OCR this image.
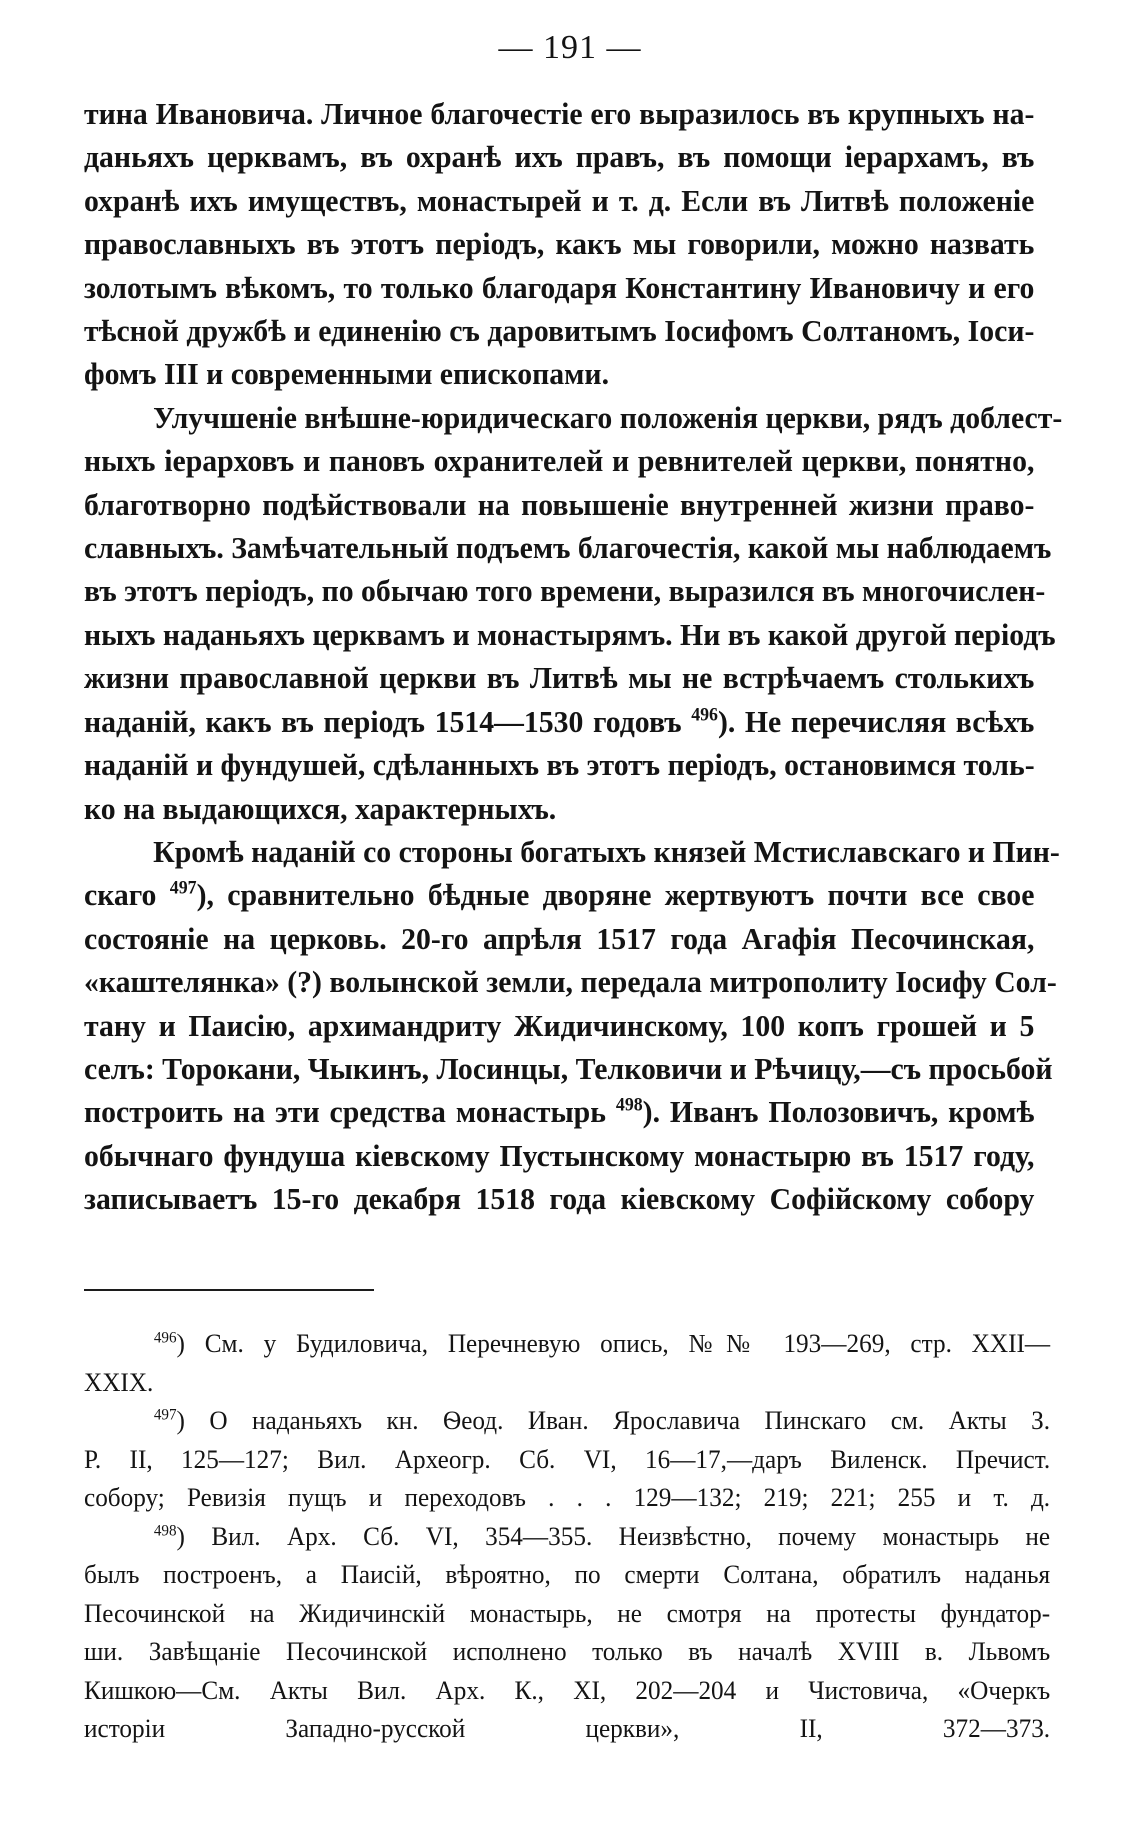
— 191 —
тина Ивановича. Личное благочестіе его выразилось въ крупныхъ на-
даньяхъ церквамъ, въ охранѣ ихъ правъ, въ помощи іерархамъ, въ
охранѣ ихъ имуществъ, монастырей и т. д. Если въ Литвѣ положеніе
православныхъ въ этотъ періодъ, какъ мы говорили, можно назвать
золотымъ вѣкомъ, то только благодаря Константину Ивановичу и его
тѣсной дружбѣ и единенію съ даровитымъ Іосифомъ Солтаномъ, Іоси-
фомъ III и современными епископами.
Улучшеніе внѣшне-юридическаго положенія церкви, рядъ доблест-
ныхъ іерарховъ и пановъ охранителей и ревнителей церкви, понятно,
благотворно подѣйствовали на повышеніе внутренней жизни право-
славныхъ. Замѣчательный подъемъ благочестія, какой мы наблюдаемъ
въ этотъ періодъ, по обычаю того времени, выразился въ многочислен-
ныхъ наданьяхъ церквамъ и монастырямъ. Ни въ какой другой періодъ
жизни православной церкви въ Литвѣ мы не встрѣчаемъ столькихъ
наданій, какъ въ періодъ 1514—1530 годовъ $^{496}$). Не перечисляя всѣхъ
наданій и фундушей, сдѣланныхъ въ этотъ періодъ, остановимся толь-
ко на выдающихся, характерныхъ.
Кромѣ наданій со стороны богатыхъ князей Мстиславскаго и Пин-
скаго $^{497}$), сравнительно бѣдные дворяне жертвуютъ почти все свое
состояніе на церковь. 20-го апрѣля 1517 года Агафія Песочинская,
«каштелянка» (?) волынской земли, передала митрополиту Іосифу Сол-
тану и Паисію, архимандриту Жидичинскому, 100 копъ грошей и 5
селъ: Торокани, Чыкинъ, Лосинцы, Телковичи и Рѣчицу,—съ просьбой
построить на эти средства монастырь $^{498}$). Иванъ Полозовичъ, кромѣ
обычнаго фундуша кіевскому Пустынскому монастырю въ 1517 году,
записываетъ 15-го декабря 1518 года кіевскому Софійскому собору
$^{496}$) См. у Будиловича, Перечневую опись, №№ 193—269, стр. XXII—
XXIX.
$^{497}$) О наданьяхъ кн. Ѳеод. Иван. Ярославича Пинскаго см. Акты З.
Р. II, 125—127; Вил. Археогр. Сб. VI, 16—17,—даръ Виленск. Пречист.
собору; Ревизія пущъ и переходовъ . . . 129—132; 219; 221; 255 и т. д.
$^{498}$) Вил. Арх. Сб. VI, 354—355. Неизвѣстно, почему монастырь не
былъ построенъ, а Паисій, вѣроятно, по смерти Солтана, обратилъ наданья
Песочинской на Жидичинскій монастырь, не смотря на протесты фундатор-
ши. Завѣщаніе Песочинской исполнено только въ началѣ XVIII в. Львомъ
Кишкою—См. Акты Вил. Арх. К., XI, 202—204 и Чистовича, «Очеркъ
исторіи Западно-русской церкви», II, 372—373.
